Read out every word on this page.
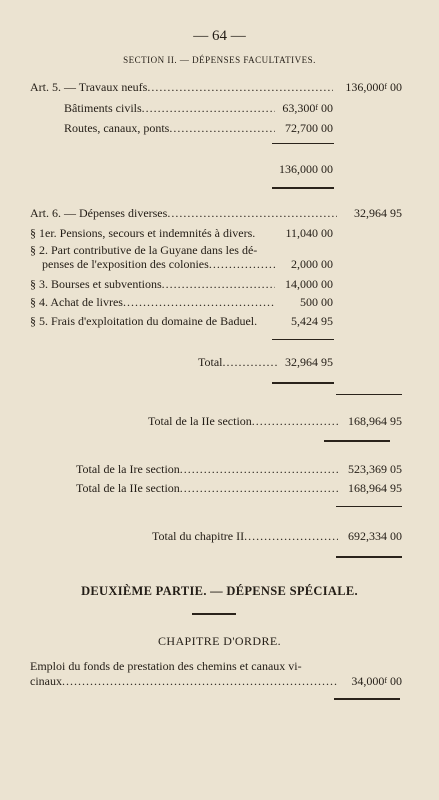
— 64 —
SECTION II. — DÉPENSES FACULTATIVES.
Art. 5. — Travaux neufs .....	136,000$^f$ 00
Bâtiments civils .....	63,300$^f$ 00
Routes, canaux, ponts .....	72,700 00
136,000 00
Art. 6. — Dépenses diverses .....	32,964 95
§ 1er. Pensions, secours et indemnités à divers.	11,040 00
§ 2. Part contributive de la Guyane dans les dé-
penses de l'exposition des colonies .....	2,000 00
§ 3. Bourses et subventions .....	14,000 00
§ 4. Achat de livres .....	500 00
§ 5. Frais d'exploitation du domaine de Baduel.	5,424 95
Total .....	32,964 95
Total de la IIe section .....	168,964 95
Total de la Ire section .....	523,369 05
Total de la IIe section .....	168,964 95
Total du chapitre II .....	692,334 00
DEUXIÈME PARTIE. — DÉPENSE SPÉCIALE.
CHAPITRE D'ORDRE.
Emploi du fonds de prestation des chemins et canaux vi-
cinaux .....	34,000$^f$ 00
